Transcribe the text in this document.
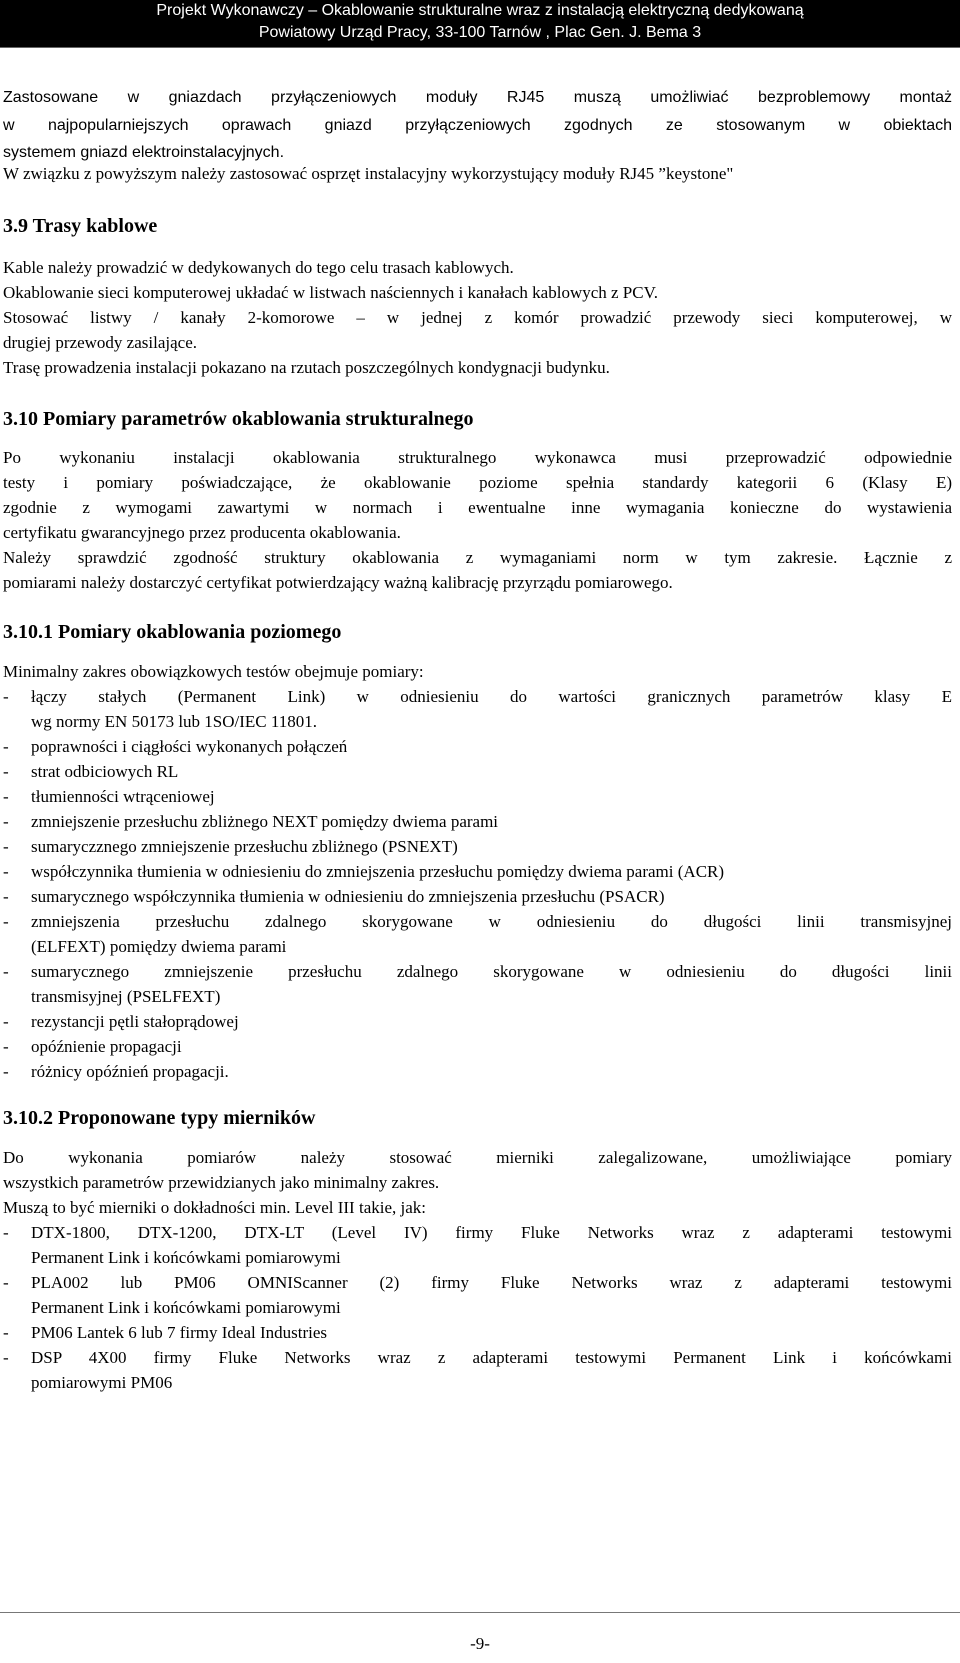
Projekt Wykonawczy – Okablowanie strukturalne wraz z instalacją elektryczną dedykowaną
Powiatowy Urząd Pracy, 33-100 Tarnów , Plac Gen. J. Bema 3
Zastosowane w gniazdach przyłączeniowych moduły RJ45 muszą umożliwiać bezproblemowy montaż
w najpopularniejszych oprawach gniazd przyłączeniowych zgodnych ze stosowanym w obiektach
systemem gniazd elektroinstalacyjnych.
W związku z powyższym należy zastosować osprzęt instalacyjny wykorzystujący moduły RJ45 ”keystone"
3.9 Trasy kablowe
Kable należy prowadzić w dedykowanych do tego celu trasach kablowych.
Okablowanie sieci komputerowej układać w listwach naściennych i kanałach kablowych z PCV.
Stosować listwy / kanały 2-komorowe – w jednej z komór prowadzić przewody sieci komputerowej, w
drugiej przewody zasilające.
Trasę prowadzenia instalacji pokazano na rzutach poszczególnych kondygnacji budynku.
3.10 Pomiary parametrów okablowania strukturalnego
Po wykonaniu instalacji okablowania strukturalnego wykonawca musi przeprowadzić odpowiednie
testy i pomiary poświadczające, że okablowanie poziome spełnia standardy kategorii 6 (Klasy E)
zgodnie z wymogami zawartymi w normach i ewentualne inne wymagania konieczne do wystawienia
certyfikatu gwarancyjnego przez producenta okablowania.
Należy sprawdzić zgodność struktury okablowania z wymaganiami norm w tym zakresie. Łącznie z
pomiarami należy dostarczyć certyfikat potwierdzający ważną kalibrację przyrządu pomiarowego.
3.10.1 Pomiary okablowania poziomego
Minimalny zakres obowiązkowych testów obejmuje pomiary:
- łączy stałych (Permanent Link) w odniesieniu do wartości granicznych parametrów klasy E
wg normy EN 50173 lub 1SO/IEC 11801.
- poprawności i ciągłości wykonanych połączeń
- strat odbiciowych RL
- tłumienności wtrąceniowej
- zmniejszenie przesłuchu zbliżnego NEXT pomiędzy dwiema parami
- sumaryczznego zmniejszenie przesłuchu zbliżnego (PSNEXT)
- współczynnika tłumienia w odniesieniu do zmniejszenia przesłuchu pomiędzy dwiema parami (ACR)
- sumarycznego współczynnika tłumienia w odniesieniu do zmniejszenia przesłuchu (PSACR)
- zmniejszenia przesłuchu zdalnego skorygowane w odniesieniu do długości linii transmisyjnej
(ELFEXT) pomiędzy dwiema parami
- sumarycznego zmniejszenie przesłuchu zdalnego skorygowane w odniesieniu do długości linii
transmisyjnej (PSELFEXT)
- rezystancji pętli stałoprądowej
- opóźnienie propagacji
- różnicy opóźnień propagacji.
3.10.2 Proponowane typy mierników
Do wykonania pomiarów należy stosować mierniki zalegalizowane, umożliwiające pomiary
wszystkich parametrów przewidzianych jako minimalny zakres.
Muszą to być mierniki o dokładności min. Level III takie, jak:
- DTX-1800, DTX-1200, DTX-LT (Level IV) firmy Fluke Networks wraz z adapterami testowymi
Permanent Link i końcówkami pomiarowymi
- PLA002 lub PM06 OMNIScanner (2) firmy Fluke Networks wraz z adapterami testowymi
Permanent Link i końcówkami pomiarowymi
- PM06 Lantek 6 lub 7 firmy Ideal Industries
- DSP 4X00 firmy Fluke Networks wraz z adapterami testowymi Permanent Link i końcówkami
pomiarowymi PM06
-9-
